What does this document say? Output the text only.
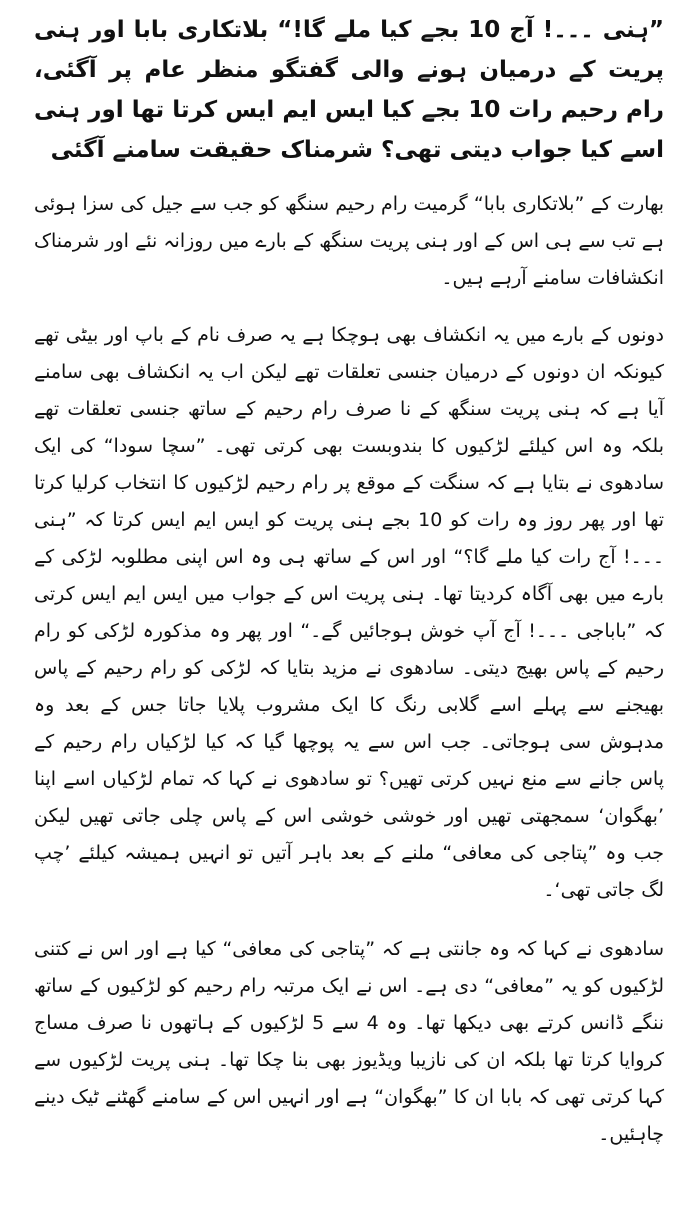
”ہنی ۔۔۔! آج 10 بجے کیا ملے گا!“ بلاتکاری بابا اور ہنی پریت کے درمیان ہونے والی گفتگو منظر عام پر آگئی، رام رحیم رات 10 بجے کیا ایس ایم ایس کرتا تھا اور ہنی اسے کیا جواب دیتی تھی؟ شرمناک حقیقت سامنے آگئی

بھارت کے ”بلاتکاری بابا“ گرمیت رام رحیم سنگھ کو جب سے جیل کی سزا ہوئی ہے تب سے ہی اس کے اور ہنی پریت سنگھ کے بارے میں روزانہ نئے اور شرمناک انکشافات سامنے آرہے ہیں۔

دونوں کے بارے میں یہ انکشاف بھی ہوچکا ہے یہ صرف نام کے باپ اور بیٹی تھے کیونکہ ان دونوں کے درمیان جنسی تعلقات تھے لیکن اب یہ انکشاف بھی سامنے آیا ہے کہ ہنی پریت سنگھ کے نا صرف رام رحیم کے ساتھ جنسی تعلقات تھے بلکہ وہ اس کیلئے لڑکیوں کا بندوبست بھی کرتی تھی۔ ”سچا سودا“ کی ایک سادھوی نے بتایا ہے کہ سنگت کے موقع پر رام رحیم لڑکیوں کا انتخاب کرلیا کرتا تھا اور پھر روز وہ رات کو 10 بجے ہنی پریت کو ایس ایم ایس کرتا کہ ”ہنی ۔۔۔! آج رات کیا ملے گا؟“ اور اس کے ساتھ ہی وہ اس اپنی مطلوبہ لڑکی کے بارے میں بھی آگاہ کردیتا تھا۔ ہنی پریت اس کے جواب میں ایس ایم ایس کرتی کہ ”باباجی ۔۔۔! آج آپ خوش ہوجائیں گے۔“ اور پھر وہ مذکورہ لڑکی کو رام رحیم کے پاس بھیج دیتی۔ سادھوی نے مزید بتایا کہ لڑکی کو رام رحیم کے پاس بھیجنے سے پہلے اسے گلابی رنگ کا ایک مشروب پلایا جاتا جس کے بعد وہ مدہوش سی ہوجاتی۔ جب اس سے یہ پوچھا گیا کہ کیا لڑکیاں رام رحیم کے پاس جانے سے منع نہیں کرتی تھیں؟ تو سادھوی نے کہا کہ تمام لڑکیاں اسے اپنا ’بھگوان‘ سمجھتی تھیں اور خوشی خوشی اس کے پاس چلی جاتی تھیں لیکن جب وہ ”پتاجی کی معافی“ ملنے کے بعد باہر آتیں تو انہیں ہمیشہ کیلئے ’چپ لگ جاتی تھی‘۔

سادھوی نے کہا کہ وہ جانتی ہے کہ ”پتاجی کی معافی“ کیا ہے اور اس نے کتنی لڑکیوں کو یہ ”معافی“ دی ہے۔ اس نے ایک مرتبہ رام رحیم کو لڑکیوں کے ساتھ ننگے ڈانس کرتے بھی دیکھا تھا۔ وہ 4 سے 5 لڑکیوں کے ہاتھوں نا صرف مساج کروایا کرتا تھا بلکہ ان کی نازیبا ویڈیوز بھی بنا چکا تھا۔ ہنی پریت لڑکیوں سے کہا کرتی تھی کہ بابا ان کا ”بھگوان“ ہے اور انہیں اس کے سامنے گھٹنے ٹیک دینے چاہئیں۔
